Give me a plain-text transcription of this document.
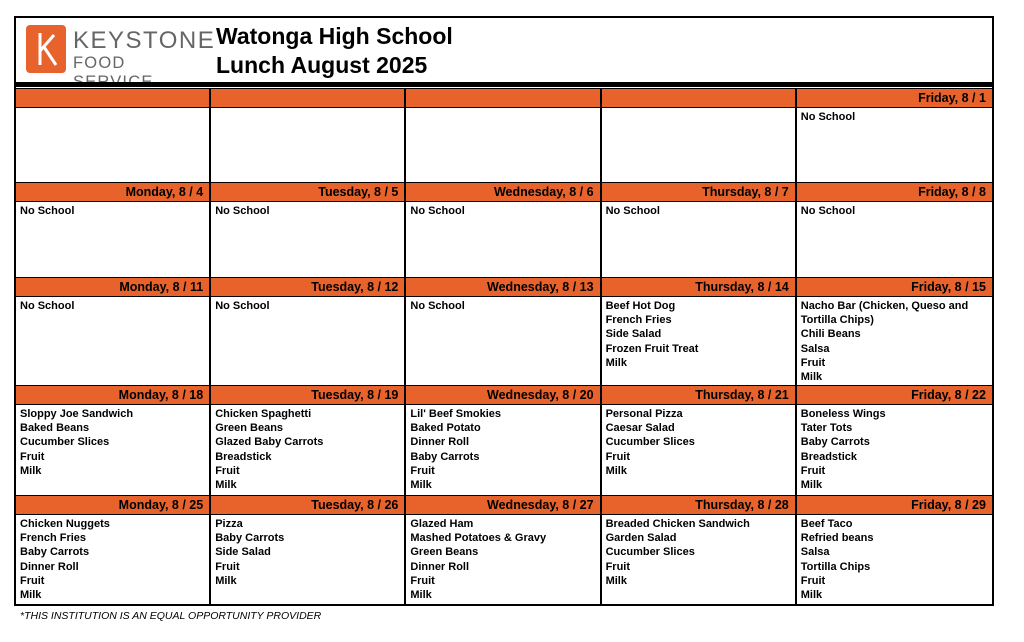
KEYSTONE
FOOD
Watonga High School
Lunch August 2025
Friday, 8 / 1
No School
Monday, 8 / 4
No School
Tuesday, 8 / 5
No School
Wednesday, 8 / 6
No School
Thursday, 8 / 7
No School
Friday, 8 / 8
No School
Monday, 8 / 11
No School
Tuesday, 8 / 12
No School
Wednesday, 8 / 13
No School
Thursday, 8 / 14
Beef Hot Dog
French Fries
Side Salad
Frozen Fruit Treat
Milk
Friday, 8 / 15
Nacho Bar (Chicken, Queso and Tortilla Chips)
Chili Beans
Salsa
Fruit
Milk
Monday, 8 / 18
Sloppy Joe Sandwich
Baked Beans
Cucumber Slices
Fruit
Milk
Tuesday, 8 / 19
Chicken Spaghetti
Green Beans
Glazed Baby Carrots
Breadstick
Fruit
Milk
Wednesday, 8 / 20
Lil' Beef Smokies
Baked Potato
Dinner Roll
Baby Carrots
Fruit
Milk
Thursday, 8 / 21
Personal Pizza
Caesar Salad
Cucumber Slices
Fruit
Milk
Friday, 8 / 22
Boneless Wings
Tater Tots
Baby Carrots
Breadstick
Fruit
Milk
Monday, 8 / 25
Chicken Nuggets
French Fries
Baby Carrots
Dinner Roll
Fruit
Milk
Tuesday, 8 / 26
Pizza
Baby Carrots
Side Salad
Fruit
Milk
Wednesday, 8 / 27
Glazed Ham
Mashed Potatoes & Gravy
Green Beans
Dinner Roll
Fruit
Milk
Thursday, 8 / 28
Breaded Chicken Sandwich
Garden Salad
Cucumber Slices
Fruit
Milk
Friday, 8 / 29
Beef Taco
Refried beans
Salsa
Tortilla Chips
Fruit
Milk
*THIS INSTITUTION IS AN EQUAL OPPORTUNITY PROVIDER
